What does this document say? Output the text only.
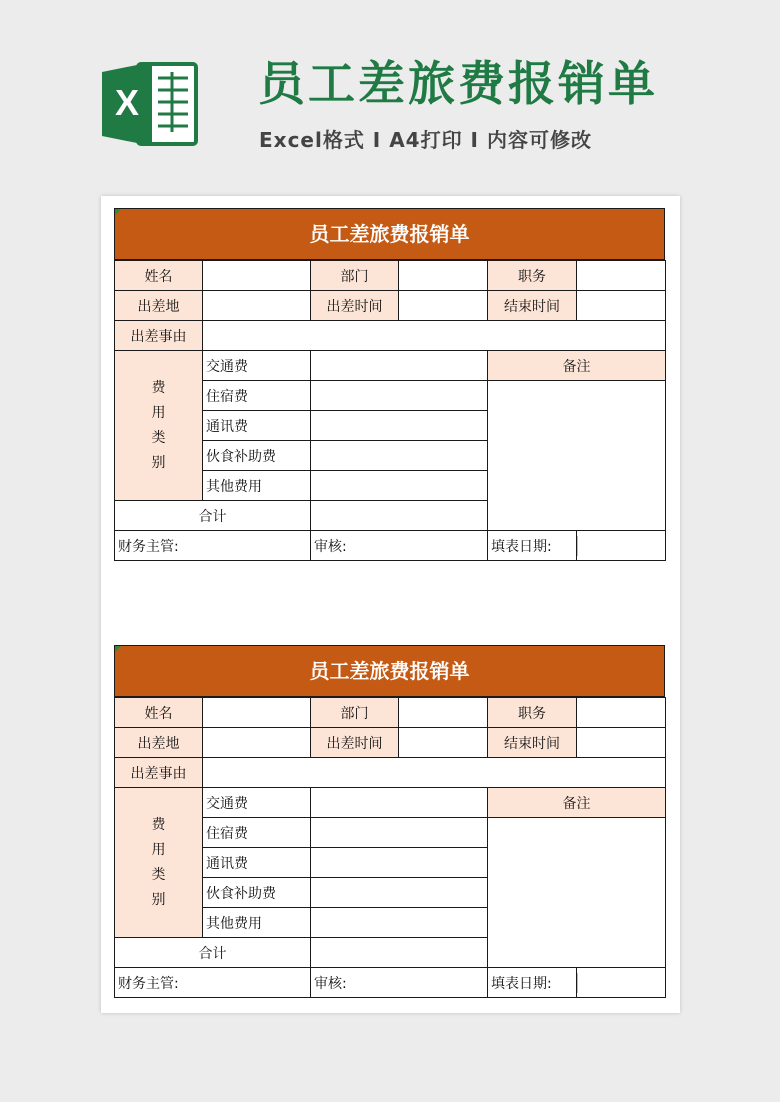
X	员工差旅费报销单
Excel格式 I A4打印 I 内容可修改
员工差旅费报销单
姓名		部门		职务	
出差地		出差时间		结束时间	
出差事由					
费用类别	交通费			备注	
	住宿费				
	通讯费				
	伙食补助费				
	其他费用				
合计					
财务主管:		审核:		填表日期:	
员工差旅费报销单
姓名		部门		职务	
出差地		出差时间		结束时间	
出差事由					
费用类别	交通费			备注	
	住宿费				
	通讯费				
	伙食补助费				
	其他费用				
合计					
财务主管:		审核:		填表日期:	
